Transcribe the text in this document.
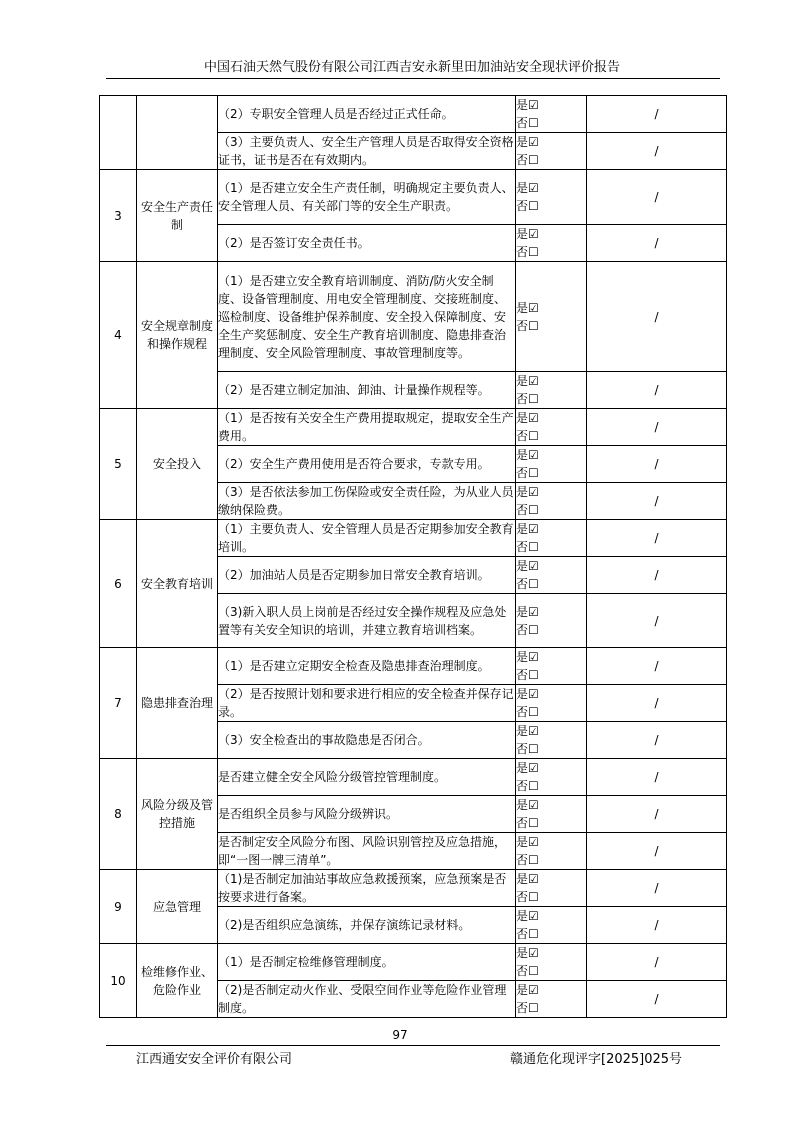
中国石油天然气股份有限公司江西吉安永新里田加油站安全现状评价报告
		（2）专职安全管理人员是否经过正式任命。	是☑
否☐	/
		（3）主要负责人、安全生产管理人员是否取得安全资格证书，证书是否在有效期内。	是☑
否☐	/
3	安全生产责任制	（1）是否建立安全生产责任制，明确规定主要负责人、安全管理人员、有关部门等的安全生产职责。	是☑
否☐	/
		（2）是否签订安全责任书。	是☑
否☐	/
4	安全规章制度和操作规程	（1）是否建立安全教育培训制度、消防/防火安全制度、设备管理制度、用电安全管理制度、交接班制度、巡检制度、设备维护保养制度、安全投入保障制度、安全生产奖惩制度、安全生产教育培训制度、隐患排查治理制度、安全风险管理制度、事故管理制度等。	是☑
否☐	/
		（2）是否建立制定加油、卸油、计量操作规程等。	是☑
否☐	/
5	安全投入	（1）是否按有关安全生产费用提取规定，提取安全生产费用。	是☑
否☐	/
		（2）安全生产费用使用是否符合要求，专款专用。	是☑
否☐	/
		（3）是否依法参加工伤保险或安全责任险，为从业人员缴纳保险费。	是☑
否☐	/
6	安全教育培训	（1）主要负责人、安全管理人员是否定期参加安全教育培训。	是☑
否☐	/
		（2）加油站人员是否定期参加日常安全教育培训。	是☑
否☐	/
		（3)新入职人员上岗前是否经过安全操作规程及应急处置等有关安全知识的培训，并建立教育培训档案。	是☑
否☐	/
7	隐患排查治理	（1）是否建立定期安全检查及隐患排查治理制度。	是☑
否☐	/
		（2）是否按照计划和要求进行相应的安全检查并保存记录。	是☑
否☐	/
		（3）安全检查出的事故隐患是否闭合。	是☑
否☐	/
8	风险分级及管控措施	是否建立健全安全风险分级管控管理制度。	是☑
否☐	/
		是否组织全员参与风险分级辨识。	是☑
否☐	/
		是否制定安全风险分布图、风险识别管控及应急措施，即“一图一牌三清单”。	是☑
否☐	/
9	应急管理	（1)是否制定加油站事故应急救援预案，应急预案是否按要求进行备案。	是☑
否☐	/
		（2)是否组织应急演练，并保存演练记录材料。	是☑
否☐	/
10	检维修作业、危险作业	（1）是否制定检维修管理制度。	是☑
否☐	/
		（2)是否制定动火作业、受限空间作业等危险作业管理制度。	是☑
否☐	/
97
江西通安安全评价有限公司	赣通危化现评字[2025]025号
